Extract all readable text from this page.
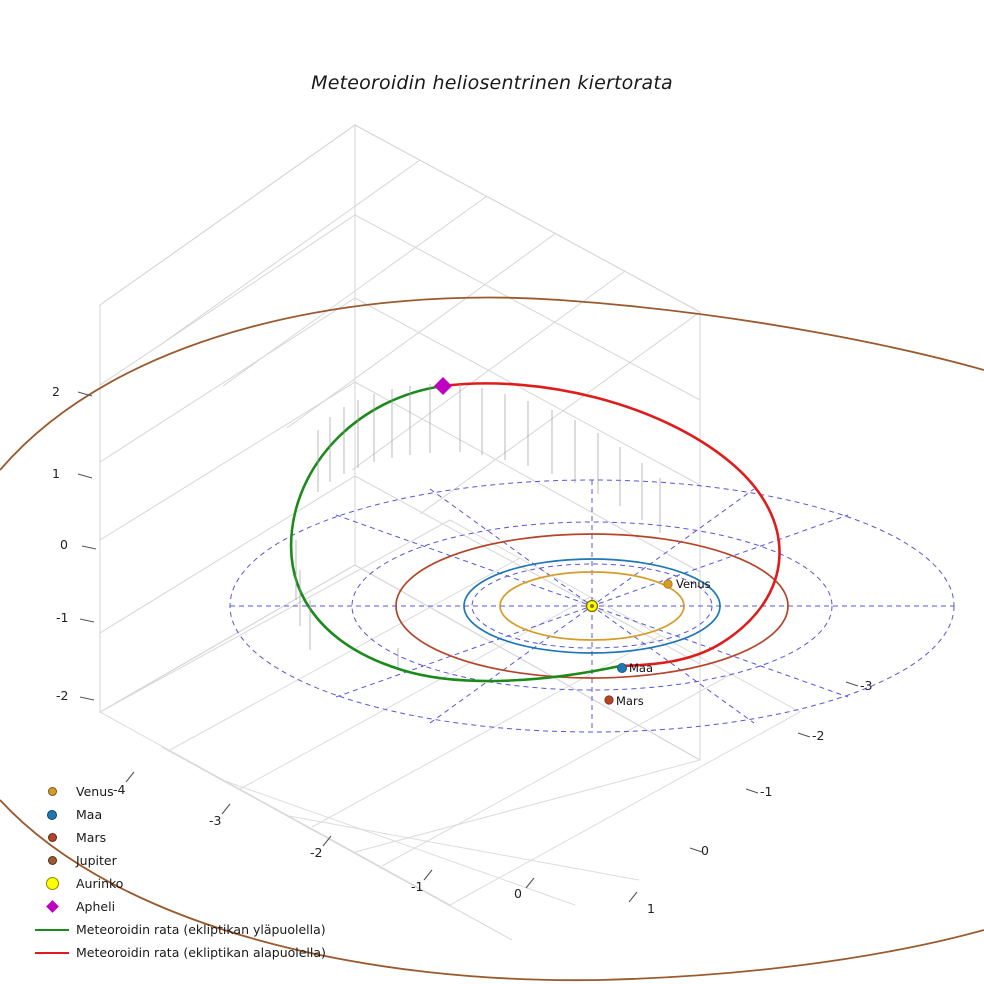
Meteoroidin heliosentrinen kiertorata
2
1
0
-1
-2
-4
-3
-2
-1	0
1
-3
-2
-1
0
Venus
Maa
Mars
Venus
Maa
Mars
Jupiter
Aurinko
Apheli
Meteoroidin rata (ekliptikan yläpuolella)
Meteoroidin rata (ekliptikan alapuolella)
